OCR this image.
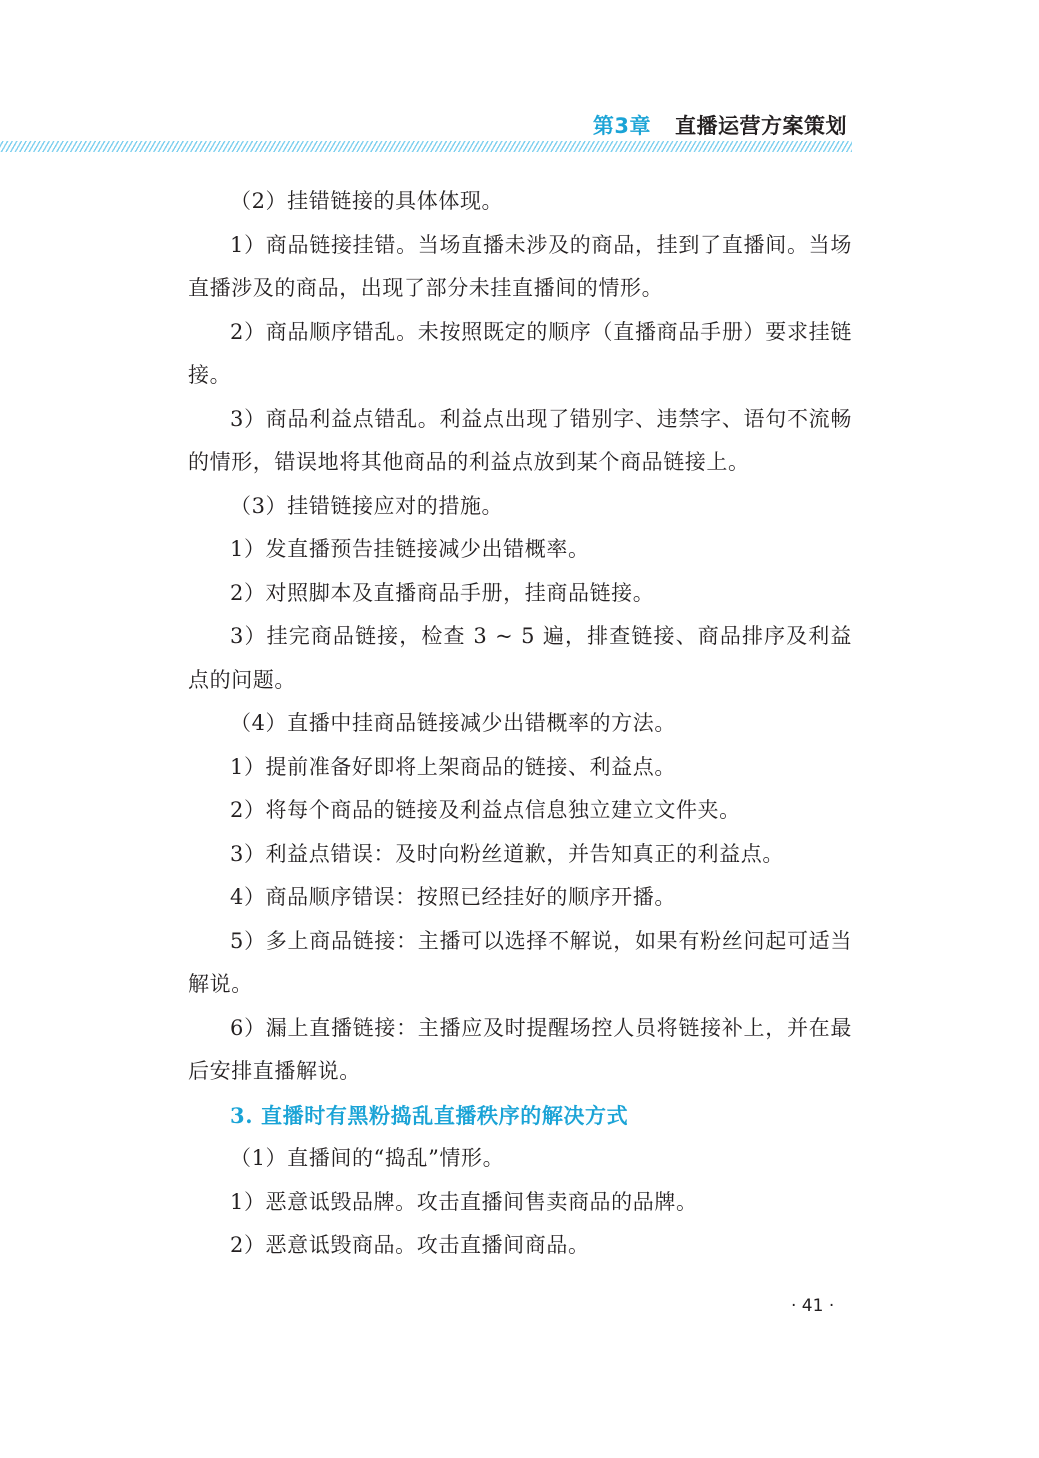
第3章 直播运营方案策划

（2）挂错链接的具体体现。

1）商品链接挂错。当场直播未涉及的商品，挂到了直播间。当场直播涉及的商品，出现了部分未挂直播间的情形。

2）商品顺序错乱。未按照既定的顺序（直播商品手册）要求挂链接。

3）商品利益点错乱。利益点出现了错别字、违禁字、语句不流畅的情形，错误地将其他商品的利益点放到某个商品链接上。

（3）挂错链接应对的措施。

1）发直播预告挂链接减少出错概率。

2）对照脚本及直播商品手册，挂商品链接。

3）挂完商品链接，检查 3 ~ 5 遍，排查链接、商品排序及利益点的问题。

（4）直播中挂商品链接减少出错概率的方法。

1）提前准备好即将上架商品的链接、利益点。

2）将每个商品的链接及利益点信息独立建立文件夹。

3）利益点错误：及时向粉丝道歉，并告知真正的利益点。

4）商品顺序错误：按照已经挂好的顺序开播。

5）多上商品链接：主播可以选择不解说，如果有粉丝问起可适当解说。

6）漏上直播链接：主播应及时提醒场控人员将链接补上，并在最后安排直播解说。

3. 直播时有黑粉捣乱直播秩序的解决方式

（1）直播间的“捣乱”情形。

1）恶意诋毁品牌。攻击直播间售卖商品的品牌。

2）恶意诋毁商品。攻击直播间商品。

· 41 ·
